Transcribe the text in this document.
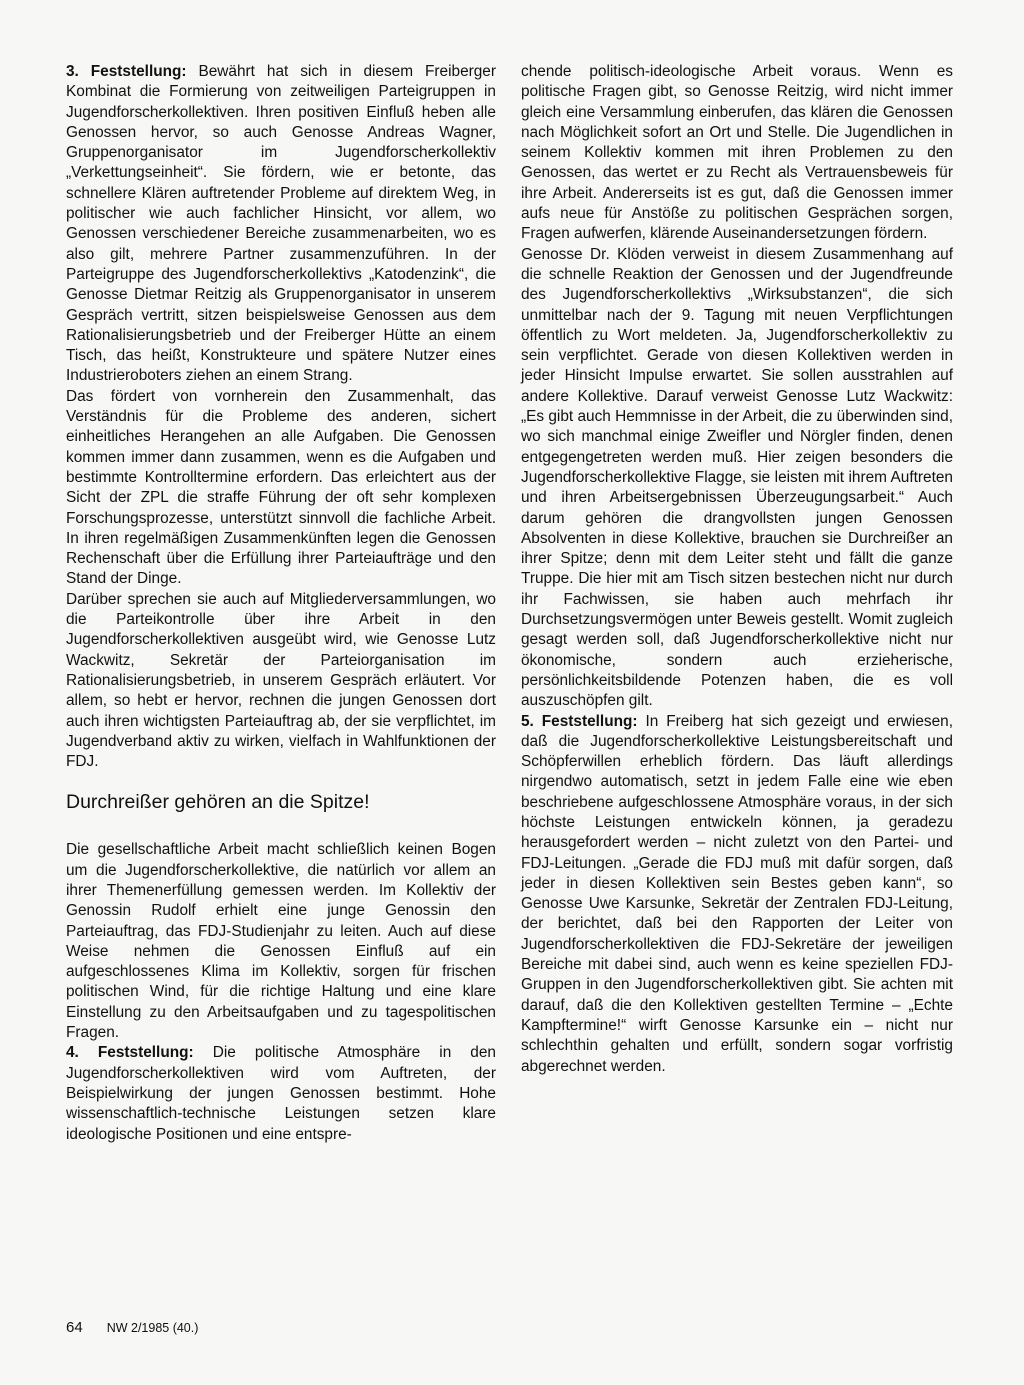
3. Feststellung: Bewährt hat sich in diesem Freiberger Kombinat die Formierung von zeitweiligen Parteigruppen in Jugendforscherkollektiven. Ihren positiven Einfluß heben alle Genossen hervor, so auch Genosse Andreas Wagner, Gruppenorganisator im Jugendforscherkollektiv „Verkettungseinheit“. Sie fördern, wie er betonte, das schnellere Klären auftretender Probleme auf direktem Weg, in politischer wie auch fachlicher Hinsicht, vor allem, wo Genossen verschiedener Bereiche zusammenarbeiten, wo es also gilt, mehrere Partner zusammenzuführen. In der Parteigruppe des Jugendforscherkollektivs „Katodenzink“, die Genosse Dietmar Reitzig als Gruppenorganisator in unserem Gespräch vertritt, sitzen beispielsweise Genossen aus dem Rationalisierungsbetrieb und der Freiberger Hütte an einem Tisch, das heißt, Konstrukteure und spätere Nutzer eines Industrieroboters ziehen an einem Strang.

Das fördert von vornherein den Zusammenhalt, das Verständnis für die Probleme des anderen, sichert einheitliches Herangehen an alle Aufgaben. Die Genossen kommen immer dann zusammen, wenn es die Aufgaben und bestimmte Kontrolltermine erfordern. Das erleichtert aus der Sicht der ZPL die straffe Führung der oft sehr komplexen Forschungsprozesse, unterstützt sinnvoll die fachliche Arbeit. In ihren regelmäßigen Zusammenkünften legen die Genossen Rechenschaft über die Erfüllung ihrer Parteiaufträge und den Stand der Dinge.

Darüber sprechen sie auch auf Mitgliederversammlungen, wo die Parteikontrolle über ihre Arbeit in den Jugendforscherkollektiven ausgeübt wird, wie Genosse Lutz Wackwitz, Sekretär der Parteiorganisation im Rationalisierungsbetrieb, in unserem Gespräch erläutert. Vor allem, so hebt er hervor, rechnen die jungen Genossen dort auch ihren wichtigsten Parteiauftrag ab, der sie verpflichtet, im Jugendverband aktiv zu wirken, vielfach in Wahlfunktionen der FDJ.

Durchreißer gehören an die Spitze!

Die gesellschaftliche Arbeit macht schließlich keinen Bogen um die Jugendforscherkollektive, die natürlich vor allem an ihrer Themenerfüllung gemessen werden. Im Kollektiv der Genossin Rudolf erhielt eine junge Genossin den Parteiauftrag, das FDJ-Studienjahr zu leiten. Auch auf diese Weise nehmen die Genossen Einfluß auf ein aufgeschlossenes Klima im Kollektiv, sorgen für frischen politischen Wind, für die richtige Haltung und eine klare Einstellung zu den Arbeitsaufgaben und zu tagespolitischen Fragen.

4. Feststellung: Die politische Atmosphäre in den Jugendforscherkollektiven wird vom Auftreten, der Beispielwirkung der jungen Genossen bestimmt. Hohe wissenschaftlich-technische Leistungen setzen klare ideologische Positionen und eine entspre-

chende politisch-ideologische Arbeit voraus. Wenn es politische Fragen gibt, so Genosse Reitzig, wird nicht immer gleich eine Versammlung einberufen, das klären die Genossen nach Möglichkeit sofort an Ort und Stelle. Die Jugendlichen in seinem Kollektiv kommen mit ihren Problemen zu den Genossen, das wertet er zu Recht als Vertrauensbeweis für ihre Arbeit. Andererseits ist es gut, daß die Genossen immer aufs neue für Anstöße zu politischen Gesprächen sorgen, Fragen aufwerfen, klärende Auseinandersetzungen fördern.

Genosse Dr. Klöden verweist in diesem Zusammenhang auf die schnelle Reaktion der Genossen und der Jugendfreunde des Jugendforscherkollektivs „Wirksubstanzen“, die sich unmittelbar nach der 9. Tagung mit neuen Verpflichtungen öffentlich zu Wort meldeten. Ja, Jugendforscherkollektiv zu sein verpflichtet. Gerade von diesen Kollektiven werden in jeder Hinsicht Impulse erwartet. Sie sollen ausstrahlen auf andere Kollektive. Darauf verweist Genosse Lutz Wackwitz: „Es gibt auch Hemmnisse in der Arbeit, die zu überwinden sind, wo sich manchmal einige Zweifler und Nörgler finden, denen entgegengetreten werden muß. Hier zeigen besonders die Jugendforscherkollektive Flagge, sie leisten mit ihrem Auftreten und ihren Arbeitsergebnissen Überzeugungsarbeit.“ Auch darum gehören die drangvollsten jungen Genossen Absolventen in diese Kollektive, brauchen sie Durchreißer an ihrer Spitze; denn mit dem Leiter steht und fällt die ganze Truppe. Die hier mit am Tisch sitzen bestechen nicht nur durch ihr Fachwissen, sie haben auch mehrfach ihr Durchsetzungsvermögen unter Beweis gestellt. Womit zugleich gesagt werden soll, daß Jugendforscherkollektive nicht nur ökonomische, sondern auch erzieherische, persönlichkeitsbildende Potenzen haben, die es voll auszuschöpfen gilt.

5. Feststellung: In Freiberg hat sich gezeigt und erwiesen, daß die Jugendforscherkollektive Leistungsbereitschaft und Schöpferwillen erheblich fördern. Das läuft allerdings nirgendwo automatisch, setzt in jedem Falle eine wie eben beschriebene aufgeschlossene Atmosphäre voraus, in der sich höchste Leistungen entwickeln können, ja geradezu herausgefordert werden – nicht zuletzt von den Partei- und FDJ-Leitungen. „Gerade die FDJ muß mit dafür sorgen, daß jeder in diesen Kollektiven sein Bestes geben kann“, so Genosse Uwe Karsunke, Sekretär der Zentralen FDJ-Leitung, der berichtet, daß bei den Rapporten der Leiter von Jugendforscherkollektiven die FDJ-Sekretäre der jeweiligen Bereiche mit dabei sind, auch wenn es keine speziellen FDJ-Gruppen in den Jugendforscherkollektiven gibt. Sie achten mit darauf, daß die den Kollektiven gestellten Termine – „Echte Kampftermine!“ wirft Genosse Karsunke ein – nicht nur schlechthin gehalten und erfüllt, sondern sogar vorfristig abgerechnet werden.

64 NW 2/1985 (40.)
